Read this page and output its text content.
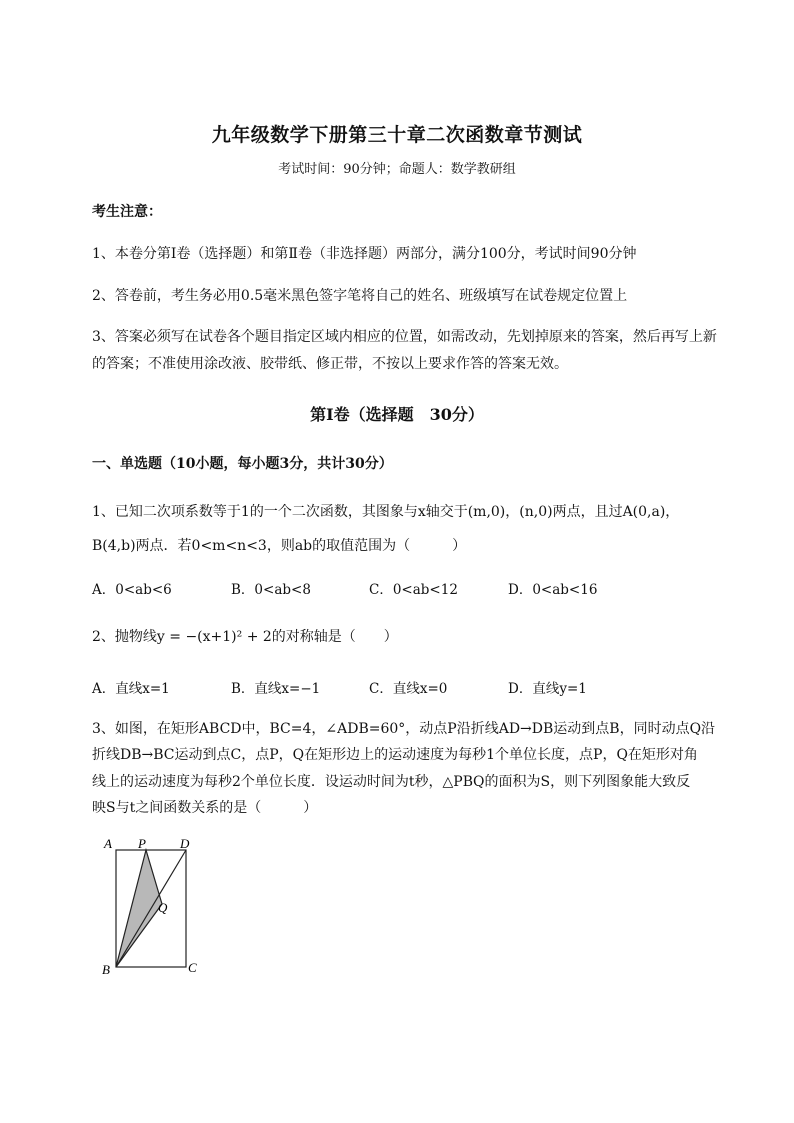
九年级数学下册第三十章二次函数章节测试
考试时间：90分钟；命题人：数学教研组
考生注意：
1、本卷分第Ⅰ卷（选择题）和第Ⅱ卷（非选择题）两部分，满分100分，考试时间90分钟
2、答卷前，考生务必用0.5毫米黑色签字笔将自己的姓名、班级填写在试卷规定位置上
3、答案必须写在试卷各个题目指定区域内相应的位置，如需改动，先划掉原来的答案，然后再写上新
的答案；不准使用涂改液、胶带纸、修正带，不按以上要求作答的答案无效。
第Ⅰ卷（选择题　30分）
一、单选题（10小题，每小题3分，共计30分）
1、已知二次项系数等于1的一个二次函数，其图象与x轴交于(m,0)，(n,0)两点，且过A(0,a)，
B(4,b)两点．若0<m<n<3，则ab的取值范围为（　　　）
A．0<ab<6	B．0<ab<8	C．0<ab<12	D．0<ab<16
2、抛物线y = −(x+1)² + 2的对称轴是（　　）
A．直线x=1	B．直线x=−1	C．直线x=0	D．直线y=1
3、如图，在矩形ABCD中，BC=4，∠ADB=60°，动点P沿折线AD→DB运动到点B，同时动点Q沿
折线DB→BC运动到点C，点P，Q在矩形边上的运动速度为每秒1个单位长度，点P，Q在矩形对角
线上的运动速度为每秒2个单位长度．设运动时间为t秒，△PBQ的面积为S，则下列图象能大致反
映S与t之间函数关系的是（　　　）
A P	D
Q
B	C
